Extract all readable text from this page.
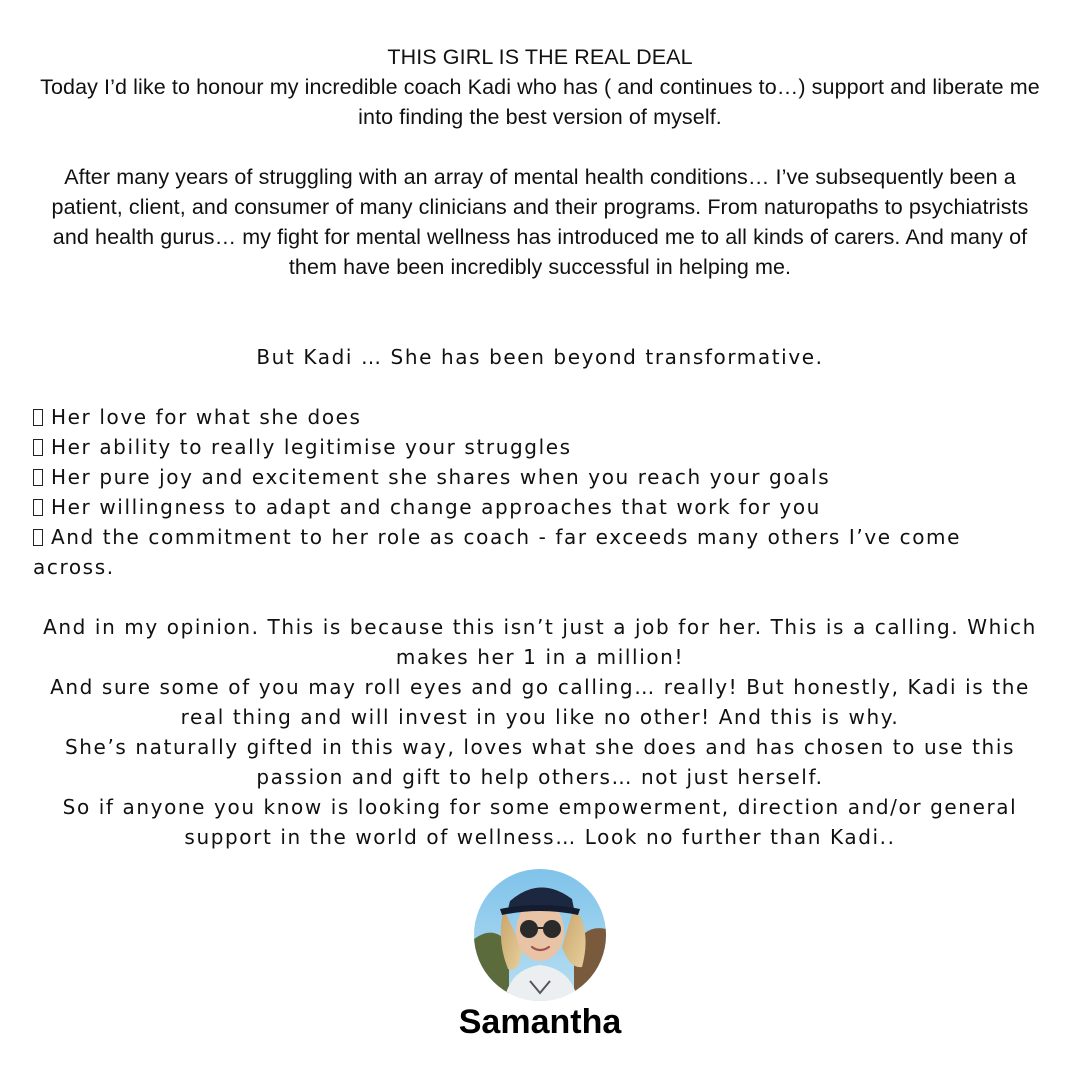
THIS GIRL IS THE REAL DEAL
Today I’d like to honour my incredible coach Kadi who has ( and continues to…) support and liberate me into finding the best version of myself.

After many years of struggling with an array of mental health conditions… I’ve subsequently been a patient, client, and consumer of many clinicians and their programs. From naturopaths to psychiatrists and health gurus… my fight for mental wellness has introduced me to all kinds of carers. And many of them have been incredibly successful in helping me.

But Kadi … She has been beyond transformative.

Her love for what she does

Her ability to really legitimise your struggles

Her pure joy and excitement she shares when you reach your goals

Her willingness to adapt and change approaches that work for you

And the commitment to her role as coach - far exceeds many others I’ve come across.

And in my opinion. This is because this isn’t just a job for her. This is a calling. Which makes her 1 in a million!

And sure some of you may roll eyes and go calling… really! But honestly, Kadi is the real thing and will invest in you like no other! And this is why.

She’s naturally gifted in this way, loves what she does and has chosen to use this passion and gift to help others… not just herself.

So if anyone you know is looking for some empowerment, direction and/or general support in the world of wellness… Look no further than Kadi..

Samantha
